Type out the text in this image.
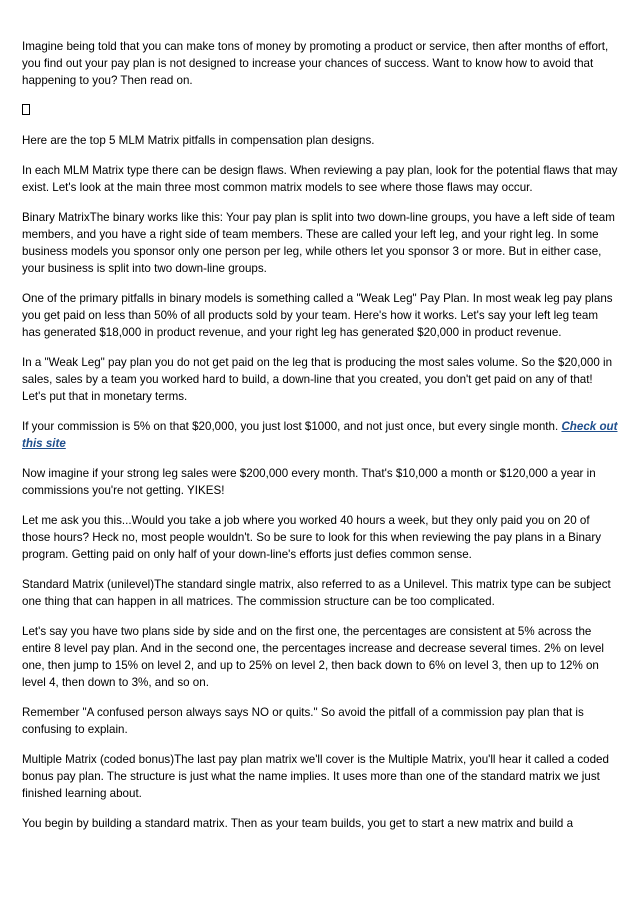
Imagine being told that you can make tons of money by promoting a product or service, then after months of effort, you find out your pay plan is not designed to increase your chances of success. Want to know how to avoid that happening to you? Then read on.

Here are the top 5 MLM Matrix pitfalls in compensation plan designs.

In each MLM Matrix type there can be design flaws. When reviewing a pay plan, look for the potential flaws that may exist. Let's look at the main three most common matrix models to see where those flaws may occur.

Binary MatrixThe binary works like this: Your pay plan is split into two down-line groups, you have a left side of team members, and you have a right side of team members. These are called your left leg, and your right leg. In some business models you sponsor only one person per leg, while others let you sponsor 3 or more. But in either case, your business is split into two down-line groups.

One of the primary pitfalls in binary models is something called a "Weak Leg" Pay Plan. In most weak leg pay plans you get paid on less than 50% of all products sold by your team. Here's how it works. Let's say your left leg team has generated $18,000 in product revenue, and your right leg has generated $20,000 in product revenue.

In a "Weak Leg" pay plan you do not get paid on the leg that is producing the most sales volume. So the $20,000 in sales, sales by a team you worked hard to build, a down-line that you created, you don't get paid on any of that! Let's put that in monetary terms.

If your commission is 5% on that $20,000, you just lost $1000, and not just once, but every single month. Check out this site

Now imagine if your strong leg sales were $200,000 every month. That's $10,000 a month or $120,000 a year in commissions you're not getting. YIKES!

Let me ask you this...Would you take a job where you worked 40 hours a week, but they only paid you on 20 of those hours? Heck no, most people wouldn't. So be sure to look for this when reviewing the pay plans in a Binary program. Getting paid on only half of your down-line's efforts just defies common sense.

Standard Matrix (unilevel)The standard single matrix, also referred to as a Unilevel. This matrix type can be subject one thing that can happen in all matrices. The commission structure can be too complicated.

Let's say you have two plans side by side and on the first one, the percentages are consistent at 5% across the entire 8 level pay plan. And in the second one, the percentages increase and decrease several times. 2% on level one, then jump to 15% on level 2, and up to 25% on level 2, then back down to 6% on level 3, then up to 12% on level 4, then down to 3%, and so on.

Remember "A confused person always says NO or quits." So avoid the pitfall of a commission pay plan that is confusing to explain.

Multiple Matrix (coded bonus)The last pay plan matrix we'll cover is the Multiple Matrix, you'll hear it called a coded bonus pay plan. The structure is just what the name implies. It uses more than one of the standard matrix we just finished learning about.

You begin by building a standard matrix. Then as your team builds, you get to start a new matrix and build a
